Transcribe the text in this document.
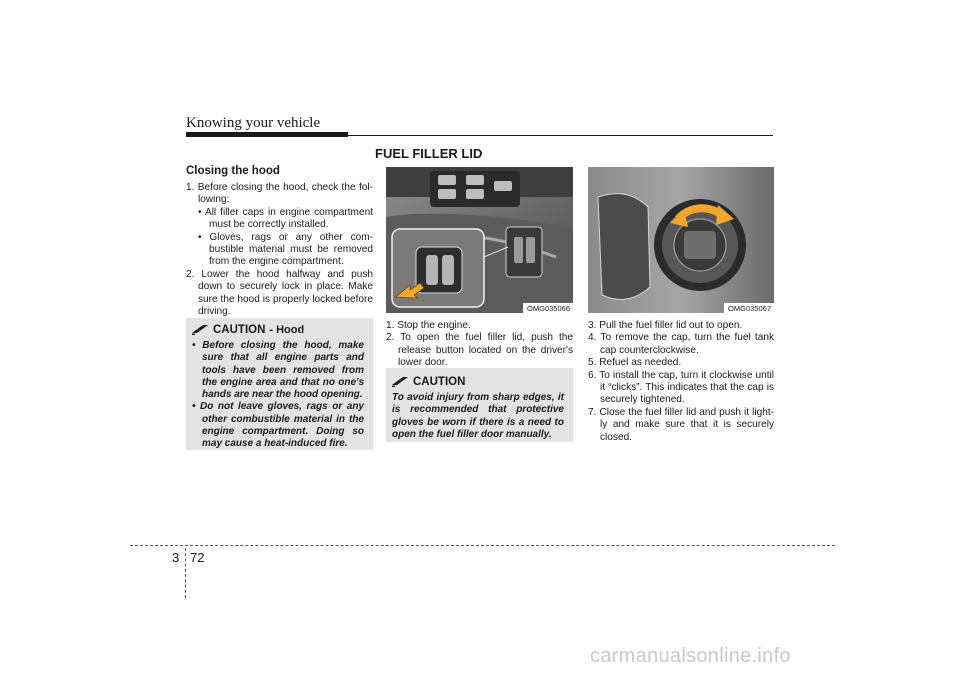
Knowing your vehicle
FUEL FILLER LID
Closing the hood

1. Before closing the hood, check the fol-lowing:

• All filler caps in engine compartment must be correctly installed.

• Gloves, rags or any other com-bustible material must be removed from the engine compartment.

2. Lower the hood halfway and push down to securely lock in place. Make sure the hood is properly locked before driving.

CAUTION - Hood

• Before closing the hood, make sure that all engine parts and tools have been removed from the engine area and that no one's hands are near the hood opening.

• Do not leave gloves, rags or any other combustible material in the engine compartment. Doing so may cause a heat-induced fire.

OMG035066	OMG035067

1. Stop the engine.

2. To open the fuel filler lid, push the release button located on the driver's lower door.

CAUTION
To avoid injury from sharp edges, it is recommended that protective gloves be worn if there is a need to open the fuel filler door manually.

3. Pull the fuel filler lid out to open.

4. To remove the cap, turn the fuel tank cap counterclockwise.

5. Refuel as needed.

6. To install the cap, turn it clockwise until it “clicks”. This indicates that the cap is securely tightened.

7. Close the fuel filler lid and push it light-ly and make sure that it is securely closed.

3 72
carmanualsonline.info
